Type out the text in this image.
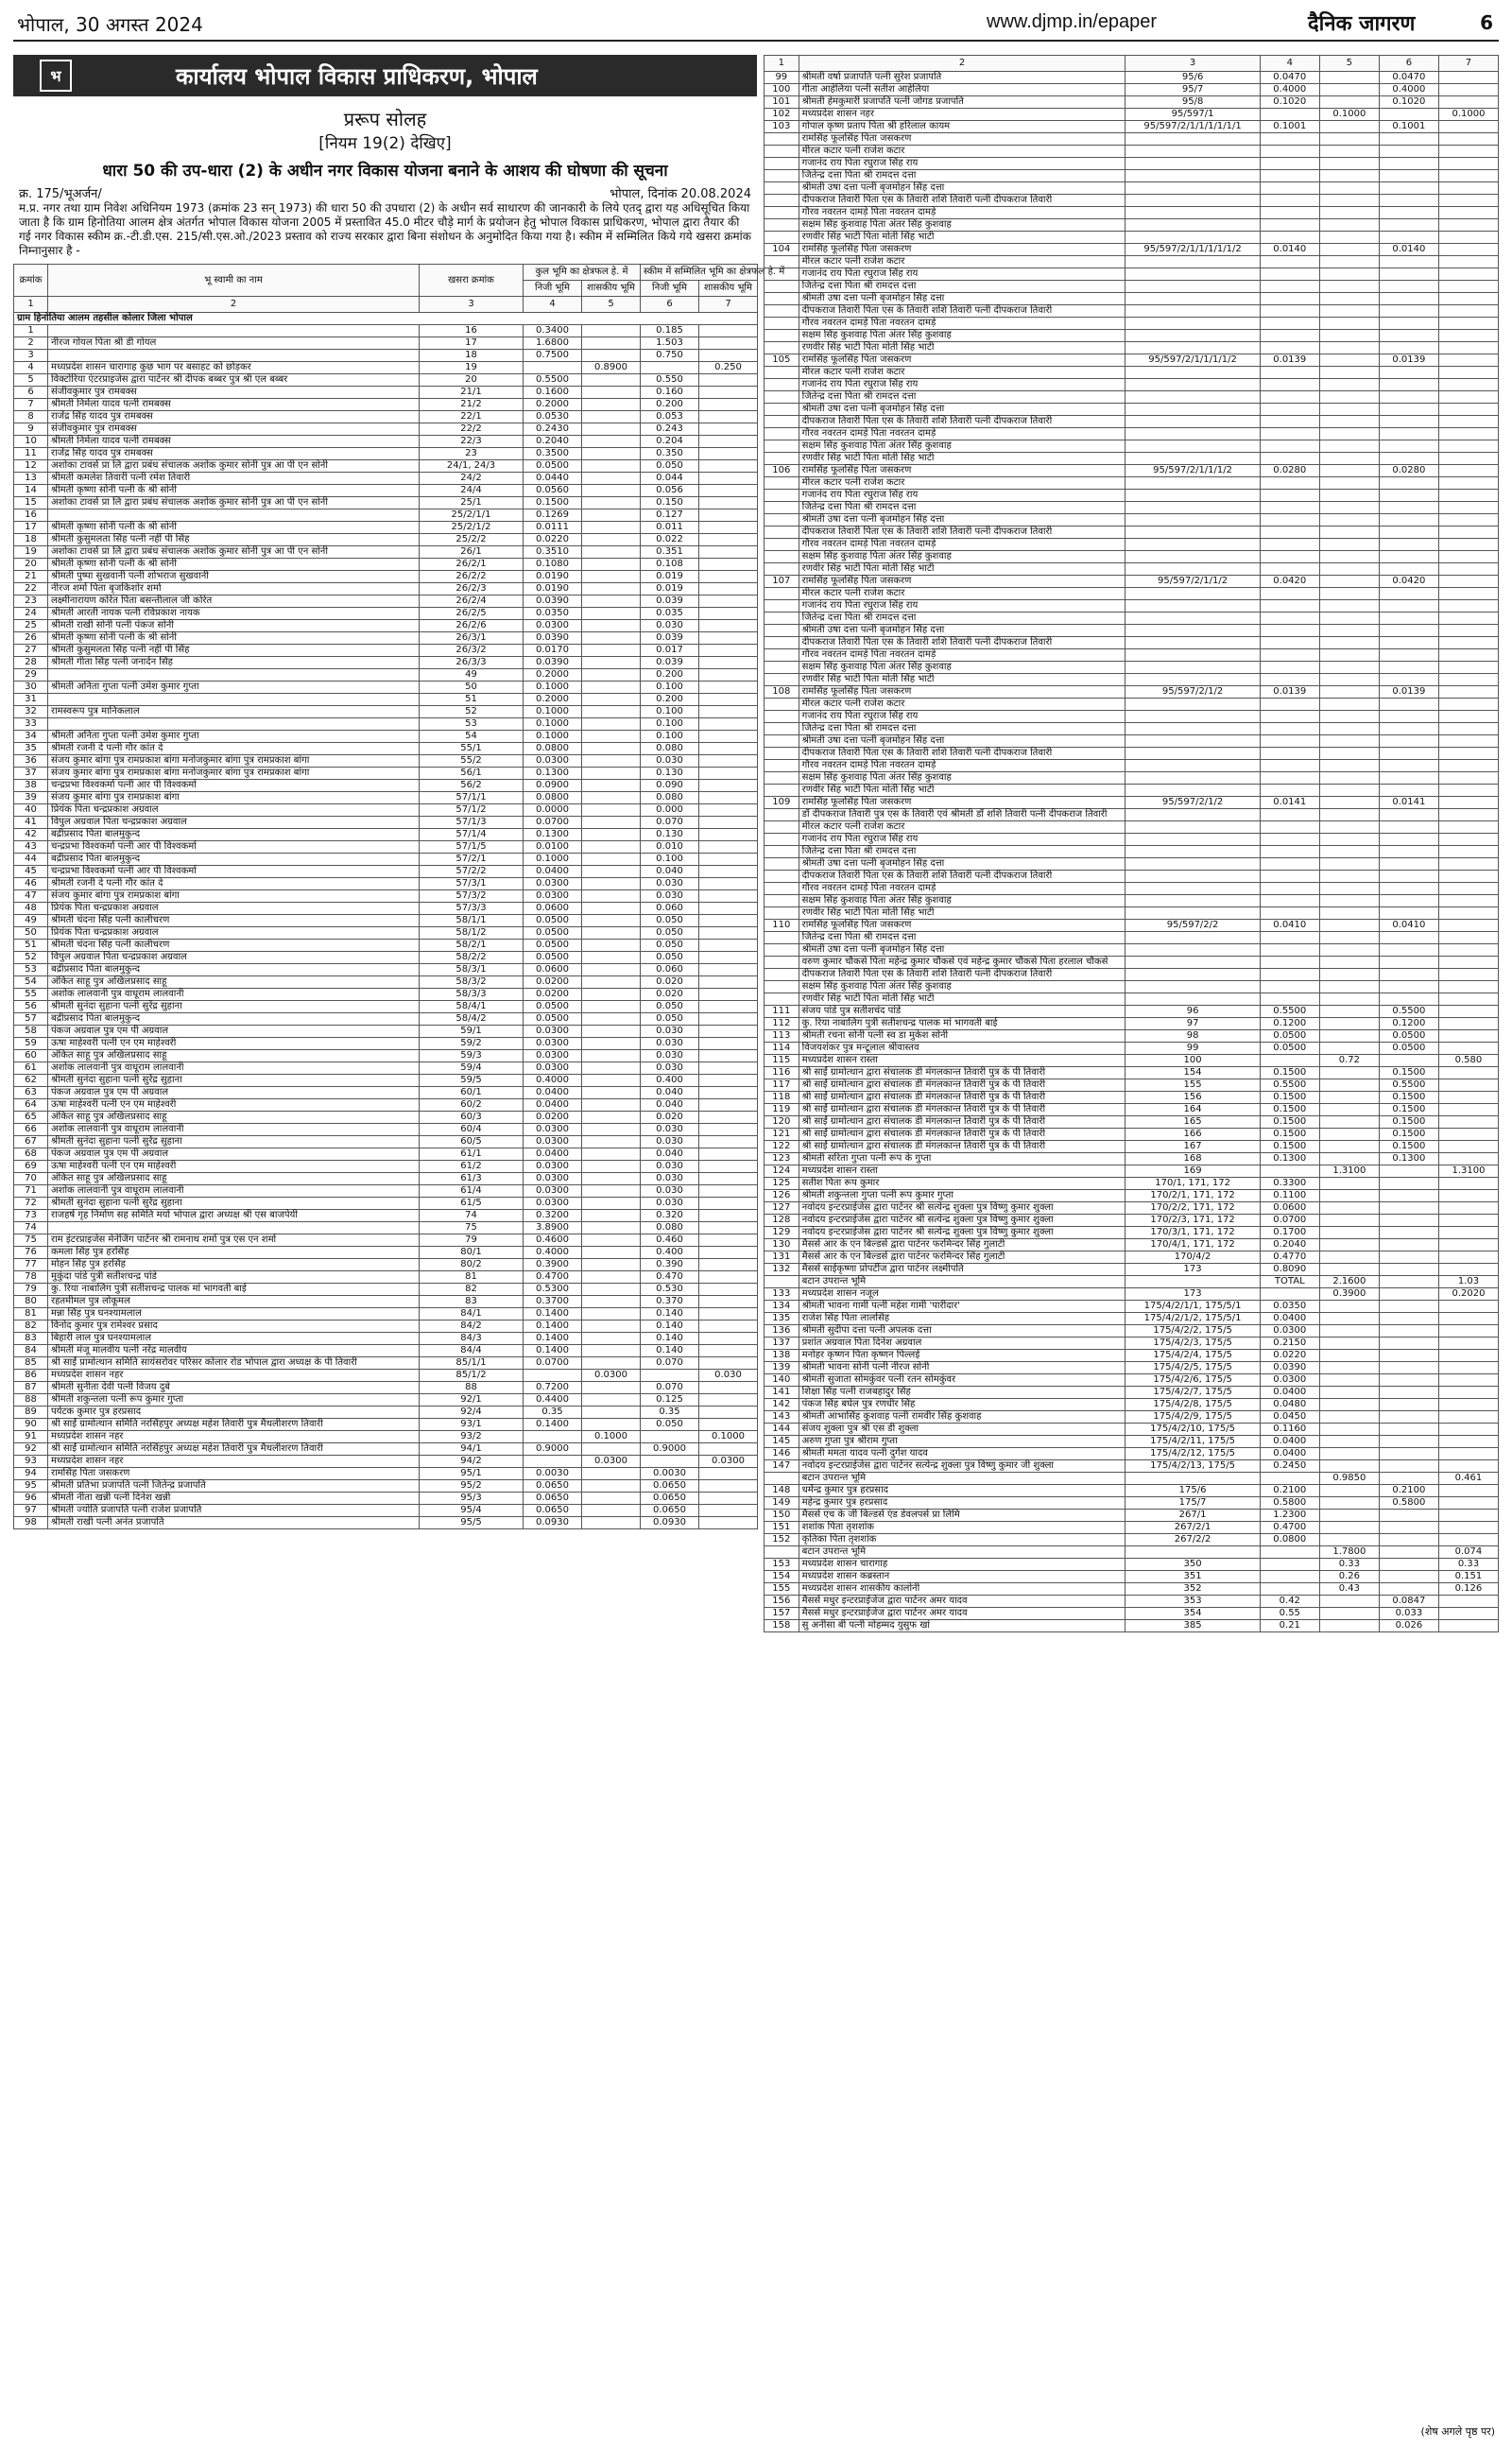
भोपाल, 30 अगस्त 2024	www.djmp.in/epaper	दैनिक जागरण	6
भ	कार्यालय भोपाल विकास प्राधिकरण, भोपाल
प्ररूप सोलह
[नियम 19(2) देखिए]
धारा 50 की उप-धारा (2) के अधीन नगर विकास योजना बनाने के आशय की घोषणा की सूचना
क्र. 175/भूअर्जन/	भोपाल, दिनांक 20.08.2024
म.प्र. नगर तथा ग्राम निवेश अधिनियम 1973 (क्रमांक 23 सन् 1973) की धारा 50 की उपधारा (2) के अधीन सर्व साधारण की जानकारी के लिये एतद् द्वारा यह अधिसूचित किया जाता है कि ग्राम हिनोतिया आलम क्षेत्र अंतर्गत भोपाल विकास योजना 2005 में प्रस्तावित 45.0 मीटर चौड़े मार्ग के प्रयोजन हेतु भोपाल विकास प्राधिकरण, भोपाल द्वारा तैयार की गई नगर विकास स्कीम क्र.-टी.डी.एस. 215/सी.एस.ओ./2023 प्रस्ताव को राज्य सरकार द्वारा बिना संशोधन के अनुमोदित किया गया है। स्कीम में सम्मिलित किये गये खसरा क्रमांक निम्नानुसार है -
क्रमांक	भू स्वामी का नाम	खसरा क्रमांक	कुल भूमि का क्षेत्रफल हे. में		स्कीम में सम्मिलित भूमि का क्षेत्रफल हे. में	
			निजी भूमि	शासकीय भूमि	निजी भूमि	शासकीय भूमि
1	2	3	4	5	6	7
ग्राम हिनोतिया आलम तहसील कोलार जिला भोपाल						
1		16	0.3400		0.185	
2	नीरज गोयल पिता श्री डी गोयल	17	1.6800		1.503	
3		18	0.7500		0.750	
4	मध्यप्रदेश शासन चारागाह कुछ भाग पर बसाहट को छोड़कर	19		0.8900		0.250
5	विक्टोरिया एंटरप्राइजेस द्वारा पार्टनर श्री दीपक बब्बर पुत्र श्री एल बब्बर	20	0.5500		0.550	
6	संजीवकुमार पुत्र रामबक्स	21/1	0.1600		0.160	
7	श्रीमती निर्मला यादव पत्नी रामबक्स	21/2	0.2000		0.200	
8	राजेंद्र सिंह यादव पुत्र रामबक्स	22/1	0.0530		0.053	
9	संजीवकुमार पुत्र रामबक्स	22/2	0.2430		0.243	
10	श्रीमती निर्मला यादव पत्नी रामबक्स	22/3	0.2040		0.204	
11	राजेंद्र सिंह यादव पुत्र रामबक्स	23	0.3500		0.350	
12	अशोका टावर्स प्रा लि द्वारा प्रबंध संचालक अशोक कुमार सोनी पुत्र आ पी एन सोनी	24/1, 24/3	0.0500		0.050	
13	श्रीमती कमलेश तिवारी पत्नी रमेश तिवारी	24/2	0.0440		0.044	
14	श्रीमती कृष्णा सोनी पत्नी के श्री सोनी	24/4	0.0560		0.056	
15	अशोका टावर्स प्रा लि द्वारा प्रबंध संचालक अशोक कुमार सोनी पुत्र आ पी एन सोनी	25/1	0.1500		0.150	
16		25/2/1/1	0.1269		0.127	
17	श्रीमती कृष्णा सोनी पत्नी के श्री सोनी	25/2/1/2	0.0111		0.011	
18	श्रीमती कुसुमलता सिंह पत्नी नहीं पी सिंह	25/2/2	0.0220		0.022	
19	अशोका टावर्स प्रा लि द्वारा प्रबंध संचालक अशोक कुमार सोनी पुत्र आ पी एन सोनी	26/1	0.3510		0.351	
20	श्रीमती कृष्णा सोनी पत्नी के श्री सोनी	26/2/1	0.1080		0.108	
21	श्रीमती पुष्पा सुखवानी पत्नी शोभराज सुखवानी	26/2/2	0.0190		0.019	
22	नीरज शर्मा पिता बृजकिशोर शर्मा	26/2/3	0.0190		0.019	
23	लक्ष्मीनारायण कोरेत पिता बसन्तीलाल जी कोरेत	26/2/4	0.0390		0.039	
24	श्रीमती आरती नायक पत्नी रविप्रकाश नायक	26/2/5	0.0350		0.035	
25	श्रीमती राखी सोनी पत्नी पंकज सोनी	26/2/6	0.0300		0.030	
26	श्रीमती कृष्णा सोनी पत्नी के श्री सोनी	26/3/1	0.0390		0.039	
27	श्रीमती कुसुमलता सिंह पत्नी नहीं पी सिंह	26/3/2	0.0170		0.017	
28	श्रीमती गीता सिंह पत्नी जनार्दन सिंह	26/3/3	0.0390		0.039	
29		49	0.2000		0.200	
30	श्रीमती अनिता गुप्ता पत्नी उमेश कुमार गुप्ता	50	0.1000		0.100	
31		51	0.2000		0.200	
32	रामस्वरूप पुत्र मानिकलाल	52	0.1000		0.100	
33		53	0.1000		0.100	
34	श्रीमती अनिता गुप्ता पत्नी उमेश कुमार गुप्ता	54	0.1000		0.100	
35	श्रीमती रजनी दे पत्नी गौर कांत दे	55/1	0.0800		0.080	
36	संजय कुमार बांगा पुत्र रामप्रकाश बांगा मनोजकुमार बांगा पुत्र रामप्रकाश बांगा	55/2	0.0300		0.030	
37	संजय कुमार बांगा पुत्र रामप्रकाश बांगा मनोजकुमार बांगा पुत्र रामप्रकाश बांगा	56/1	0.1300		0.130	
38	चन्द्रप्रभा विश्वकर्मा पत्नी आर पी विश्वकर्मा	56/2	0.0900		0.090	
39	संजय कुमार बांगा पुत्र रामप्रकाश बांगा	57/1/1	0.0800		0.080	
40	प्रियंक पिता चन्द्रप्रकाश अग्रवाल	57/1/2	0.0000		0.000	
41	विपुल अग्रवाल पिता चन्द्रप्रकाश अग्रवाल	57/1/3	0.0700		0.070	
42	बद्रीप्रसाद पिता बालमुकुन्द	57/1/4	0.1300		0.130	
43	चन्द्रप्रभा विश्वकर्मा पत्नी आर पी विश्वकर्मा	57/1/5	0.0100		0.010	
44	बद्रीप्रसाद पिता बालमुकुन्द	57/2/1	0.1000		0.100	
45	चन्द्रप्रभा विश्वकर्मा पत्नी आर पी विश्वकर्मा	57/2/2	0.0400		0.040	
46	श्रीमती रजनी दे पत्नी गौर कांत दे	57/3/1	0.0300		0.030	
47	संजय कुमार बांगा पुत्र रामप्रकाश बांगा	57/3/2	0.0300		0.030	
48	प्रियंक पिता चन्द्रप्रकाश अग्रवाल	57/3/3	0.0600		0.060	
49	श्रीमती चंदना सिंह पत्नी कालीचरण	58/1/1	0.0500		0.050	
50	प्रियंक पिता चन्द्रप्रकाश अग्रवाल	58/1/2	0.0500		0.050	
51	श्रीमती चंदना सिंह पत्नी कालीचरण	58/2/1	0.0500		0.050	
52	विपुल अग्रवाल पिता चन्द्रप्रकाश अग्रवाल	58/2/2	0.0500		0.050	
53	बद्रीप्रसाद पिता बालमुकुन्द	58/3/1	0.0600		0.060	
54	अंकित साहू पुत्र अखिलप्रसाद साहू	58/3/2	0.0200		0.020	
55	अशोक लालवानी पुत्र वाधूराम लालवानी	58/3/3	0.0200		0.020	
56	श्रीमती सुनंदा सुहाना पत्नी सुरेंद्र सुहाना	58/4/1	0.0500		0.050	
57	बद्रीप्रसाद पिता बालमुकुन्द	58/4/2	0.0500		0.050	
58	पंकज अग्रवाल पुत्र एम पी अग्रवाल	59/1	0.0300		0.030	
59	ऊषा माहेश्वरी पत्नी एन एम माहेश्वरी	59/2	0.0300		0.030	
60	अंकित साहू पुत्र अखिलप्रसाद साहू	59/3	0.0300		0.030	
61	अशोक लालवानी पुत्र वाधूराम लालवानी	59/4	0.0300		0.030	
62	श्रीमती सुनंदा सुहाना पत्नी सुरेंद्र सुहाना	59/5	0.4000		0.400	
63	पंकज अग्रवाल पुत्र एम पी अग्रवाल	60/1	0.0400		0.040	
64	ऊषा माहेश्वरी पत्नी एन एम माहेश्वरी	60/2	0.0400		0.040	
65	अंकित साहू पुत्र अखिलप्रसाद साहू	60/3	0.0200		0.020	
66	अशोक लालवानी पुत्र वाधूराम लालवानी	60/4	0.0300		0.030	
67	श्रीमती सुनंदा सुहाना पत्नी सुरेंद्र सुहाना	60/5	0.0300		0.030	
68	पंकज अग्रवाल पुत्र एम पी अग्रवाल	61/1	0.0400		0.040	
69	ऊषा माहेश्वरी पत्नी एन एम माहेश्वरी	61/2	0.0300		0.030	
70	अंकित साहू पुत्र अखिलप्रसाद साहू	61/3	0.0300		0.030	
71	अशोक लालवानी पुत्र वाधूराम लालवानी	61/4	0.0300		0.030	
72	श्रीमती सुनंदा सुहाना पत्नी सुरेंद्र सुहाना	61/5	0.0300		0.030	
73	राजहर्ष गृह निर्माण सह समिति मर्या भोपाल द्वारा अध्यक्ष श्री एस बाजपेयी	74	0.3200		0.320	
74		75	3.8900		0.080	
75	राम इंटरप्राइजेस मेनेजिंग पार्टनर श्री रामनाथ शर्मा पुत्र एस एन शर्मा	79	0.4600		0.460	
76	कमला सिंह पुत्र हरसिंह	80/1	0.4000		0.400	
77	मोहन सिंह पुत्र हरसिंह	80/2	0.3900		0.390	
78	मुकुंदा पांडे पुत्री सतीशचन्द्र पांडे	81	0.4700		0.470	
79	कु. रिया नाबालिग पुत्री सतीशचन्द्र पालक मां भागवती बाई	82	0.5300		0.530	
80	रहतमीमल पुत्र लोकूमल	83	0.3700		0.370	
81	मन्ना सिंह पुत्र घनश्यामलाल	84/1	0.1400		0.140	
82	विनोद कुमार पुत्र रामेश्वर प्रसाद	84/2	0.1400		0.140	
83	बिहारी लाल पुत्र घनश्यामलाल	84/3	0.1400		0.140	
84	श्रीमती मंजू मालवीय पत्नी नरेंद्र मालवीय	84/4	0.1400		0.140	
85	श्री साईं प्रामोत्थान समिति सायंसरोवर परिसर कोलार रोड भोपाल द्वारा अध्यक्ष के पी तिवारी	85/1/1	0.0700		0.070	
86	मध्यप्रदेश शासन नहर	85/1/2		0.0300		0.030
87	श्रीमती सुनीता देवी पत्नी विजय दुबे	88	0.7200		0.070	
88	श्रीमती शकुन्तला पत्नी रूप कुमार गुप्ता	92/1	0.4400		0.125	
89	पर्यटक कुमार पुत्र हरप्रसाद	92/4	0.35		0.35	
90	श्री साईं ग्रामोत्थान समिति नरसिंहपुर अध्यक्ष महेश तिवारी पुत्र मैथलीशरण तिवारी	93/1	0.1400		0.050	
91	मध्यप्रदेश शासन नहर	93/2		0.1000		0.1000
92	श्री साईं ग्रामोत्थान समिति नरसिंहपुर अध्यक्ष महेश तिवारी पुत्र मैथलीशरण तिवारी	94/1	0.9000		0.9000	
93	मध्यप्रदेश शासन नहर	94/2		0.0300		0.0300
94	रामसिंह पिता जसकरण	95/1	0.0030		0.0030	
95	श्रीमती प्रतिभा प्रजापति पत्नी जितेन्द्र प्रजापति	95/2	0.0650		0.0650	
96	श्रीमती नीता खन्नी पत्नी दिनेश खन्नी	95/3	0.0650		0.0650	
97	श्रीमती ज्योति प्रजापति पत्नी राजेश प्रजापति	95/4	0.0650		0.0650	
98	श्रीमती राखी पत्नी अनंत प्रजापति	95/5	0.0930		0.0930	
1	2	3	4	5	6	7
99	श्रीमती वर्षा प्रजापति पत्नी सुरेश प्रजापति	95/6	0.0470		0.0470	
100	गीता आहेलिया पत्नी सतीश आहेलिया	95/7	0.4000		0.4000	
101	श्रीमती हेमकुमारी प्रजापति पत्नी जोगड प्रजापति	95/8	0.1020		0.1020	
102	मध्यप्रदेश शासन नहर	95/597/1		0.1000		0.1000
103	गोपाल कृष्ण प्रताप पिता श्री हरिलाल कायम	95/597/2/1/1/1/1/1/1	0.1001		0.1001	
	रामसिंह फूलसिंह पिता जसकरण					
	मीरल कटार पत्नी राजेश कटार					
	गजानंद राय पिता रघुराज सिंह राय					
	जितेन्द्र दत्ता पिता श्री रामदत्त दत्ता					
	श्रीमती उषा दत्ता पत्नी बृजमोहन सिंह दत्ता					
	दीपकराज तिवारी पिता एस के तिवारी शशि तिवारी पत्नी दीपकराज तिवारी					
	गौरव नवरतन दामड़े पिता नवरतन दामड़े					
	सक्षम सिंह कुशवाह पिता अंतर सिंह कुशवाह					
	रणवीर सिंह भाटी पिता मोती सिंह भाटी					
104	रामसिंह फूलसिंह पिता जसकरण	95/597/2/1/1/1/1/1/2	0.0140		0.0140	
	मीरल कटार पत्नी राजेश कटार					
	गजानंद राय पिता रघुराज सिंह राय					
	जितेन्द्र दत्ता पिता श्री रामदत्त दत्ता					
	श्रीमती उषा दत्ता पत्नी बृजमोहन सिंह दत्ता					
	दीपकराज तिवारी पिता एस के तिवारी शशि तिवारी पत्नी दीपकराज तिवारी					
	गौरव नवरतन दामड़े पिता नवरतन दामड़े					
	सक्षम सिंह कुशवाह पिता अंतर सिंह कुशवाह					
	रणवीर सिंह भाटी पिता मोती सिंह भाटी					
105	रामसिंह फूलसिंह पिता जसकरण	95/597/2/1/1/1/1/2	0.0139		0.0139	
	मीरल कटार पत्नी राजेश कटार					
	गजानंद राय पिता रघुराज सिंह राय					
	जितेन्द्र दत्ता पिता श्री रामदत्त दत्ता					
	श्रीमती उषा दत्ता पत्नी बृजमोहन सिंह दत्ता					
	दीपकराज तिवारी पिता एस के तिवारी शशि तिवारी पत्नी दीपकराज तिवारी					
	गौरव नवरतन दामड़े पिता नवरतन दामड़े					
	सक्षम सिंह कुशवाह पिता अंतर सिंह कुशवाह					
	रणवीर सिंह भाटी पिता मोती सिंह भाटी					
106	रामसिंह फूलसिंह पिता जसकरण	95/597/2/1/1/1/2	0.0280		0.0280	
	मीरल कटार पत्नी राजेश कटार					
	गजानंद राय पिता रघुराज सिंह राय					
	जितेन्द्र दत्ता पिता श्री रामदत्त दत्ता					
	श्रीमती उषा दत्ता पत्नी बृजमोहन सिंह दत्ता					
	दीपकराज तिवारी पिता एस के तिवारी शशि तिवारी पत्नी दीपकराज तिवारी					
	गौरव नवरतन दामड़े पिता नवरतन दामड़े					
	सक्षम सिंह कुशवाह पिता अंतर सिंह कुशवाह					
	रणवीर सिंह भाटी पिता मोती सिंह भाटी					
107	रामसिंह फूलसिंह पिता जसकरण	95/597/2/1/1/2	0.0420		0.0420	
	मीरल कटार पत्नी राजेश कटार					
	गजानंद राय पिता रघुराज सिंह राय					
	जितेन्द्र दत्ता पिता श्री रामदत्त दत्ता					
	श्रीमती उषा दत्ता पत्नी बृजमोहन सिंह दत्ता					
	दीपकराज तिवारी पिता एस के तिवारी शशि तिवारी पत्नी दीपकराज तिवारी					
	गौरव नवरतन दामड़े पिता नवरतन दामड़े					
	सक्षम सिंह कुशवाह पिता अंतर सिंह कुशवाह					
	रणवीर सिंह भाटी पिता मोती सिंह भाटी					
108	रामसिंह फूलसिंह पिता जसकरण	95/597/2/1/2	0.0139		0.0139	
	मीरल कटार पत्नी राजेश कटार					
	गजानंद राय पिता रघुराज सिंह राय					
	जितेन्द्र दत्ता पिता श्री रामदत्त दत्ता					
	श्रीमती उषा दत्ता पत्नी बृजमोहन सिंह दत्ता					
	दीपकराज तिवारी पिता एस के तिवारी शशि तिवारी पत्नी दीपकराज तिवारी					
	गौरव नवरतन दामड़े पिता नवरतन दामड़े					
	सक्षम सिंह कुशवाह पिता अंतर सिंह कुशवाह					
	रणवीर सिंह भाटी पिता मोती सिंह भाटी					
109	रामसिंह फूलसिंह पिता जसकरण	95/597/2/1/2	0.0141		0.0141	
	डॉ दीपकराज तिवारी पुत्र एस के तिवारी एवं श्रीमती डॉ शशि तिवारी पत्नी दीपकराज तिवारी					
	मीरल कटार पत्नी राजेश कटार					
	गजानंद राय पिता रघुराज सिंह राय					
	जितेन्द्र दत्ता पिता श्री रामदत्त दत्ता					
	श्रीमती उषा दत्ता पत्नी बृजमोहन सिंह दत्ता					
	दीपकराज तिवारी पिता एस के तिवारी शशि तिवारी पत्नी दीपकराज तिवारी					
	गौरव नवरतन दामड़े पिता नवरतन दामड़े					
	सक्षम सिंह कुशवाह पिता अंतर सिंह कुशवाह					
	रणवीर सिंह भाटी पिता मोती सिंह भाटी					
110	रामसिंह फूलसिंह पिता जसकरण	95/597/2/2	0.0410		0.0410	
	जितेन्द्र दत्ता पिता श्री रामदत्त दत्ता					
	श्रीमती उषा दत्ता पत्नी बृजमोहन सिंह दत्ता					
	वरुण कुमार चौकसे पिता महेन्द्र कुमार चौकसे एवं महेन्द्र कुमार चौकसे पिता हरलाल चौकसे					
	दीपकराज तिवारी पिता एस के तिवारी शशि तिवारी पत्नी दीपकराज तिवारी					
	सक्षम सिंह कुशवाह पिता अंतर सिंह कुशवाह					
	रणवीर सिंह भाटी पिता मोती सिंह भाटी					
111	संजय पांडे पुत्र सतीशचंद पांडे	96	0.5500		0.5500	
112	कु. रिया नाबालिग पुत्री सतीशचन्द्र पालक मां भागवती बाई	97	0.1200		0.1200	
113	श्रीमती रचना सोनी पत्नी स्व डा मुकेश सोनी	98	0.0500		0.0500	
114	विजयशंकर पुत्र मन्टूलाल श्रीवास्तव	99	0.0500		0.0500	
115	मध्यप्रदेश शासन रास्ता	100		0.72		0.580
116	श्री साईं ग्रामोत्थान द्वारा संचालक डी मंगलकान्त तिवारी पुत्र के पी तिवारी	154	0.1500		0.1500	
117	श्री साईं ग्रामोत्थान द्वारा संचालक डी मंगलकान्त तिवारी पुत्र के पी तिवारी	155	0.5500		0.5500	
118	श्री साईं ग्रामोत्थान द्वारा संचालक डी मंगलकान्त तिवारी पुत्र के पी तिवारी	156	0.1500		0.1500	
119	श्री साईं ग्रामोत्थान द्वारा संचालक डी मंगलकान्त तिवारी पुत्र के पी तिवारी	164	0.1500		0.1500	
120	श्री साईं ग्रामोत्थान द्वारा संचालक डी मंगलकान्त तिवारी पुत्र के पी तिवारी	165	0.1500		0.1500	
121	श्री साईं ग्रामोत्थान द्वारा संचालक डी मंगलकान्त तिवारी पुत्र के पी तिवारी	166	0.1500		0.1500	
122	श्री साईं ग्रामोत्थान द्वारा संचालक डी मंगलकान्त तिवारी पुत्र के पी तिवारी	167	0.1500		0.1500	
123	श्रीमती सरिता गुप्ता पत्नी रूप के गुप्ता	168	0.1300		0.1300	
124	मध्यप्रदेश शासन रास्ता	169		1.3100		1.3100
125	सतीश पिता रूप कुमार	170/1, 171, 172	0.3300			
126	श्रीमती शकुन्तला गुप्ता पत्नी रूप कुमार गुप्ता	170/2/1, 171, 172	0.1100			
127	नवोदय इन्टरप्राईजेस द्वारा पार्टनर श्री सत्येन्द्र शुक्ला पुत्र विष्णु कुमार शुक्ला	170/2/2, 171, 172	0.0600			
128	नवोदय इन्टरप्राईजेस द्वारा पार्टनर श्री सत्येन्द्र शुक्ला पुत्र विष्णु कुमार शुक्ला	170/2/3, 171, 172	0.0700			
129	नवोदय इन्टरप्राईजेस द्वारा पार्टनर श्री सत्येन्द्र शुक्ला पुत्र विष्णु कुमार शुक्ला	170/3/1, 171, 172	0.1700			
130	मैसर्स आर के एन बिल्डर्स द्वारा पार्टनर फरमिन्दर सिंह गुलाटी	170/4/1, 171, 172	0.2040			
131	मैसर्स आर के एन बिल्डर्स द्वारा पार्टनर फरमिन्दर सिंह गुलाटी	170/4/2	0.4770			
132	मैसर्स साईकृष्णा प्रोपर्टीज द्वारा पार्टनर लक्ष्मीपति	173	0.8090			
	बटान उपरान्त भूमि		TOTAL	2.1600		1.03
133	मध्यप्रदेश शासन नजूल	173		0.3900		0.2020
134	श्रीमती भावना गामी पत्नी महेश गामी 'पारीदार'	175/4/2/1/1, 175/5/1	0.0350			
135	राजेश सिंह पिता लालसिंह	175/4/2/1/2, 175/5/1	0.0400			
136	श्रीमती सुदीपा दत्ता पत्नी अपलक दत्ता	175/4/2/2, 175/5	0.0300			
137	प्रशांत अग्रवाल पिता दिनेश अग्रवाल	175/4/2/3, 175/5	0.2150			
138	मनोहर कृष्णन पिता कृष्णन पिल्लई	175/4/2/4, 175/5	0.0220			
139	श्रीमती भावना सोनी पत्नी नीरज सोनी	175/4/2/5, 175/5	0.0390			
140	श्रीमती सुजाता सोमकुंवर पत्नी रतन सोमकुंवर	175/4/2/6, 175/5	0.0300			
141	शिक्षा सिंह पत्नी राजबहादुर सिंह	175/4/2/7, 175/5	0.0400			
142	पंकज सिंह बघेल पुत्र रणधीर सिंह	175/4/2/8, 175/5	0.0480			
143	श्रीमती आभासिंह कुशवाह पत्नी रामवीर सिंह कुशवाह	175/4/2/9, 175/5	0.0450			
144	संजय शुक्ला पुत्र श्री एस डी शुक्ला	175/4/2/10, 175/5	0.1160			
145	अरुण गुप्ता पुत्र श्रीराम गुप्ता	175/4/2/11, 175/5	0.0400			
146	श्रीमती ममता यादव पत्नी दुर्गेश यादव	175/4/2/12, 175/5	0.0400			
147	नवोदय इन्टरप्राईजेस द्वारा पार्टनर सत्येन्द्र शुक्ला पुत्र विष्णु कुमार जी शुक्ला	175/4/2/13, 175/5	0.2450			
	बटान उपरान्त भूमि			0.9850		0.461
148	धर्मेन्द्र कुमार पुत्र हरप्रसाद	175/6	0.2100		0.2100	
149	महेन्द्र कुमार पुत्र हरप्रसाद	175/7	0.5800		0.5800	
150	मैसर्स एच के जी बिल्डर्स एंड डेवलपर्स प्रा लिमि	267/1	1.2300			
151	शशांक पिता तृशशांक	267/2/1	0.4700			
152	कृतिका पिता तृशशांक	267/2/2	0.0800			
	बटान उपरान्त भूमि			1.7800		0.074
153	मध्यप्रदेश शासन चारागाह	350		0.33		0.33
154	मध्यप्रदेश शासन कब्रस्तान	351		0.26		0.151
155	मध्यप्रदेश शासन शासकीय कालोनी	352		0.43		0.126
156	मैसर्स मधुर इन्टरप्राईजेज द्वारा पार्टनर अमर यादव	353	0.42		0.0847	
157	मैसर्स मधुर इन्टरप्राईजेज द्वारा पार्टनर अमर यादव	354	0.55		0.033	
158	सु अनीसा बी पत्नी मोहम्मद युसुफ खां	385	0.21		0.026	
(शेष अगले पृष्ठ पर)
